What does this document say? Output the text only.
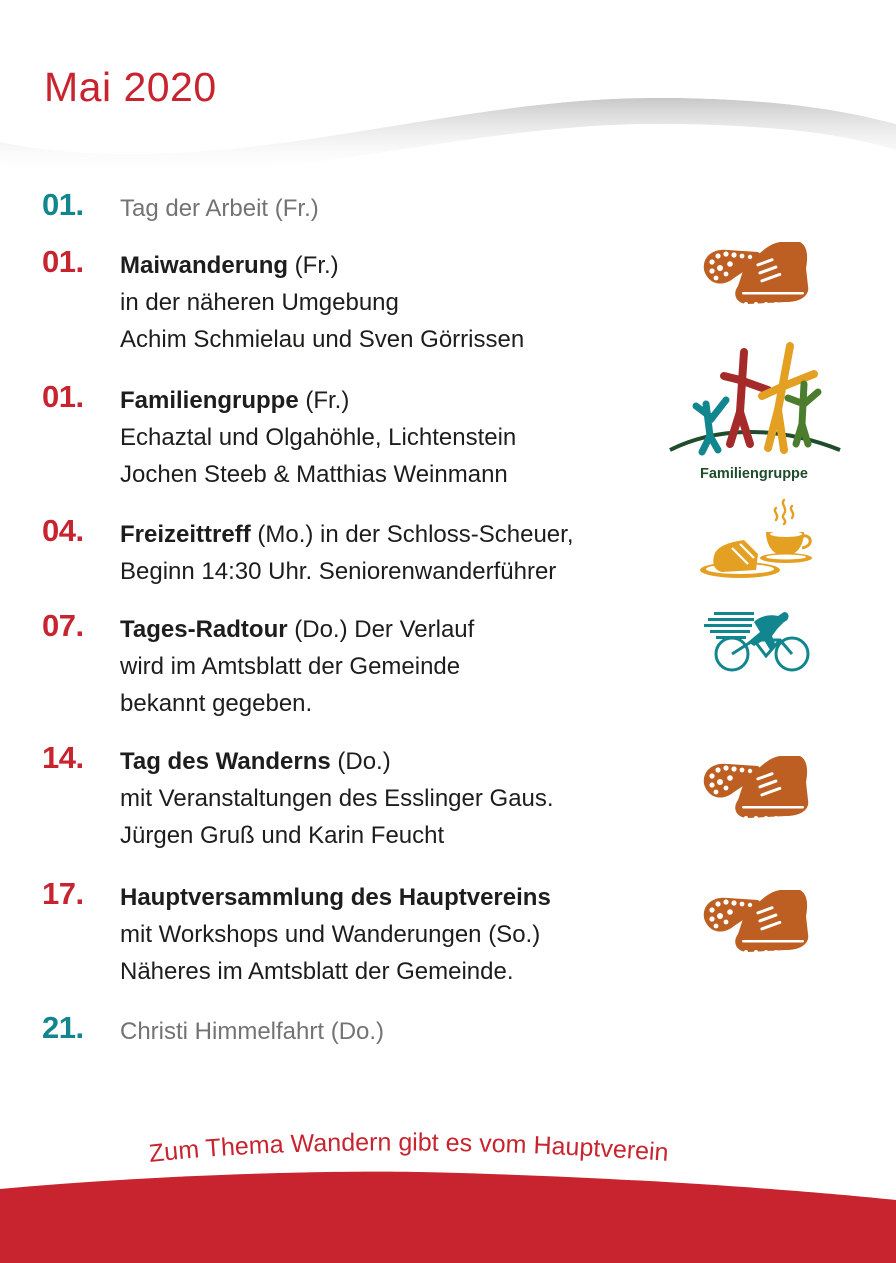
Mai 2020
01. Tag der Arbeit (Fr.)
01. Maiwanderung (Fr.)
in der näheren Umgebung
Achim Schmielau und Sven Görrissen
01. Familiengruppe (Fr.)
Echaztal und Olgahöhle, Lichtenstein
Jochen Steeb & Matthias Weinmann
04. Freizeittreff (Mo.) in der Schloss-Scheuer,
Beginn 14:30 Uhr. Seniorenwanderführer
07. Tages-Radtour (Do.) Der Verlauf
wird im Amtsblatt der Gemeinde
bekannt gegeben.
14. Tag des Wanderns (Do.)
mit Veranstaltungen des Esslinger Gaus.
Jürgen Gruß und Karin Feucht
17. Hauptversammlung des Hauptvereins
mit Workshops und Wanderungen (So.)
Näheres im Amtsblatt der Gemeinde.
21. Christi Himmelfahrt (Do.)
Familiengruppe
Zum Thema Wandern gibt es vom Hauptverein
